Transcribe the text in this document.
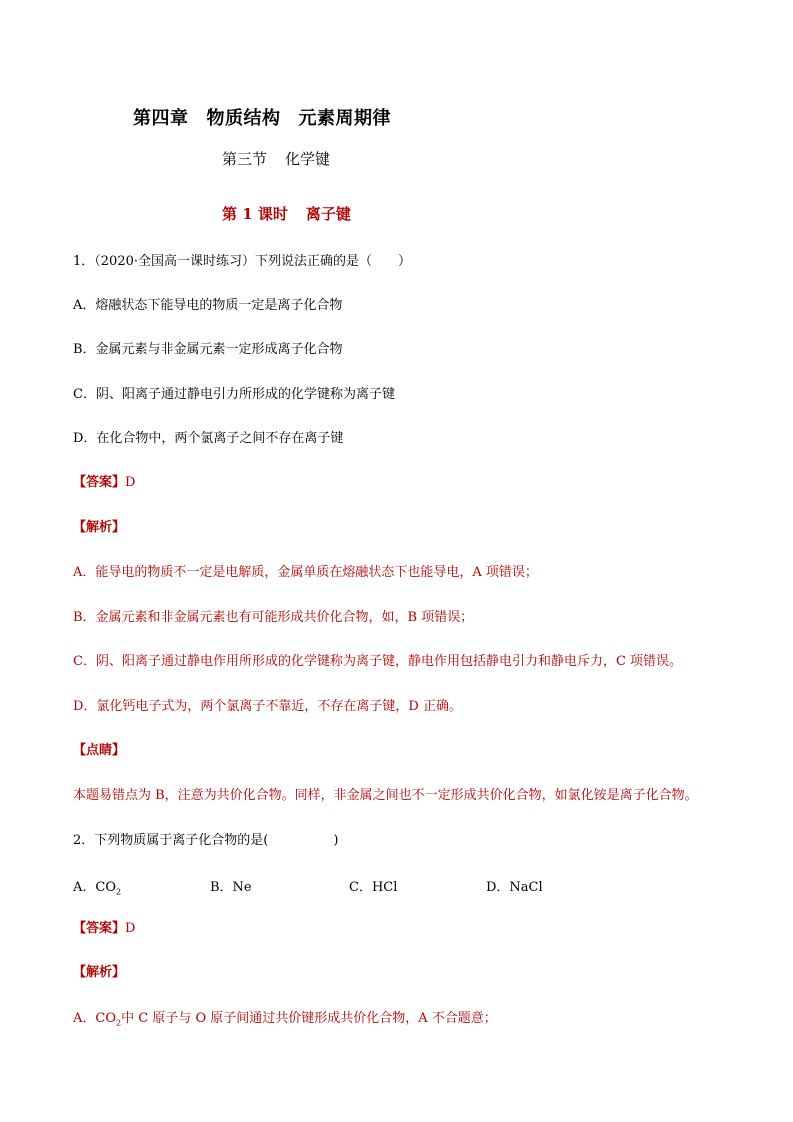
第四章 物质结构 元素周期律
第三节 化学键
第 1 课时 离子键
1．（2020·全国高一课时练习）下列说法正确的是（　　）
A．熔融状态下能导电的物质一定是离子化合物
B．金属元素与非金属元素一定形成离子化合物
C．阴、阳离子通过静电引力所形成的化学键称为离子键
D．在化合物中，两个氯离子之间不存在离子键
【答案】D
【解析】
A．能导电的物质不一定是电解质，金属单质在熔融状态下也能导电，A 项错误；
B．金属元素和非金属元素也有可能形成共价化合物，如，B 项错误；
C．阴、阳离子通过静电作用所形成的化学键称为离子键，静电作用包括静电引力和静电斥力，C 项错误。
D．氯化钙电子式为，两个氯离子不靠近，不存在离子键，D 正确。
【点睛】
本题易错点为 B，注意为共价化合物。同样，非金属之间也不一定形成共价化合物，如氯化铵是离子化合物。
2．下列物质属于离子化合物的是(　　　　　)
A．$CO_2$	B．Ne	C．HCl	D．NaCl
【答案】D
【解析】
A．$CO_2$中 C 原子与 O 原子间通过共价键形成共价化合物，A 不合题意；
